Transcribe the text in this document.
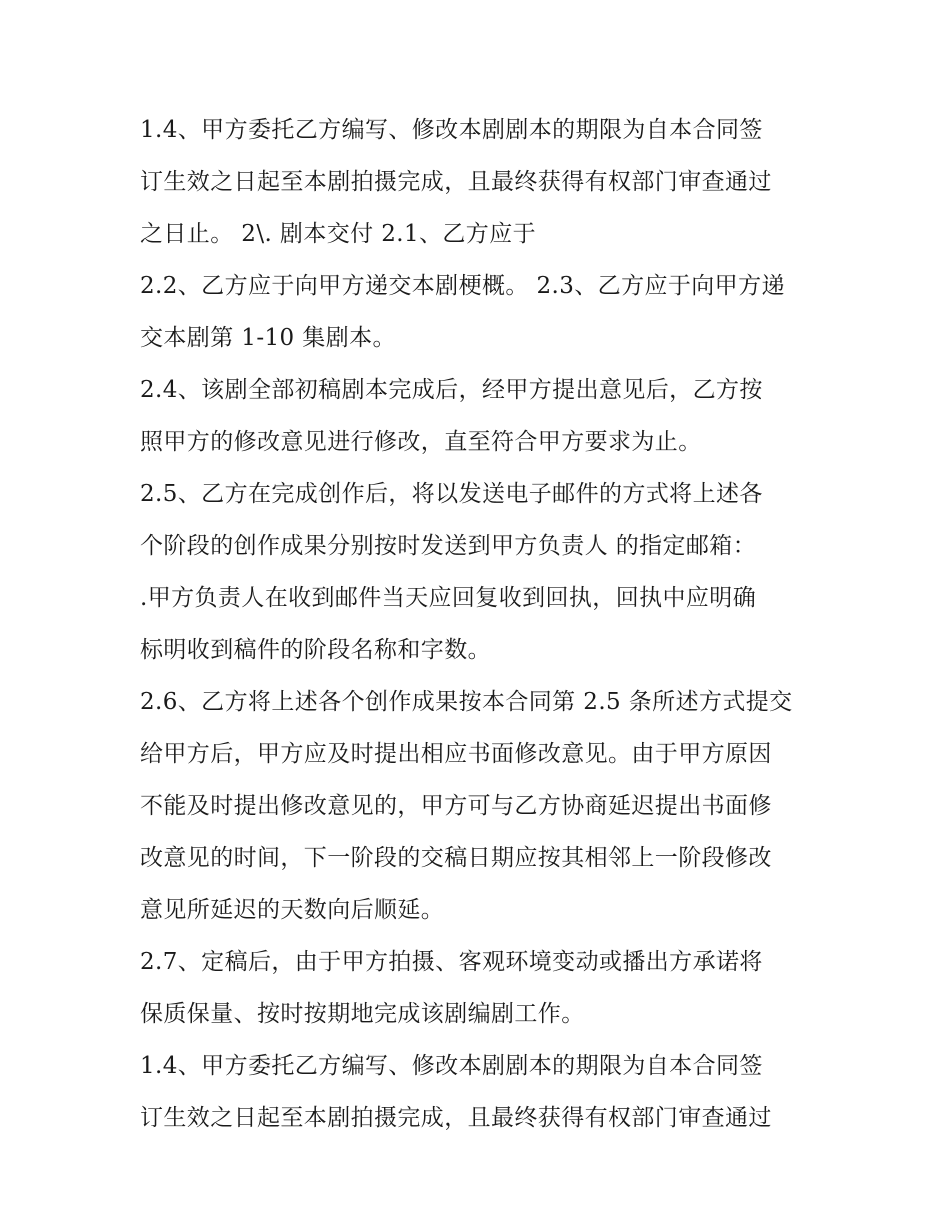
1.4、甲方委托乙方编写、修改本剧剧本的期限为自本合同签
订生效之日起至本剧拍摄完成，且最终获得有权部门审查通过
之日止。 2\. 剧本交付 2.1、乙方应于
2.2、乙方应于向甲方递交本剧梗概。 2.3、乙方应于向甲方递
交本剧第 1-10 集剧本。
2.4、该剧全部初稿剧本完成后，经甲方提出意见后，乙方按
照甲方的修改意见进行修改，直至符合甲方要求为止。
2.5、乙方在完成创作后，将以发送电子邮件的方式将上述各
个阶段的创作成果分别按时发送到甲方负责人 的指定邮箱：
.甲方负责人在收到邮件当天应回复收到回执，回执中应明确
标明收到稿件的阶段名称和字数。
2.6、乙方将上述各个创作成果按本合同第 2.5 条所述方式提交
给甲方后，甲方应及时提出相应书面修改意见。由于甲方原因
不能及时提出修改意见的，甲方可与乙方协商延迟提出书面修
改意见的时间，下一阶段的交稿日期应按其相邻上一阶段修改
意见所延迟的天数向后顺延。
2.7、定稿后，由于甲方拍摄、客观环境变动或播出方承诺将
保质保量、按时按期地完成该剧编剧工作。
1.4、甲方委托乙方编写、修改本剧剧本的期限为自本合同签
订生效之日起至本剧拍摄完成，且最终获得有权部门审查通过
